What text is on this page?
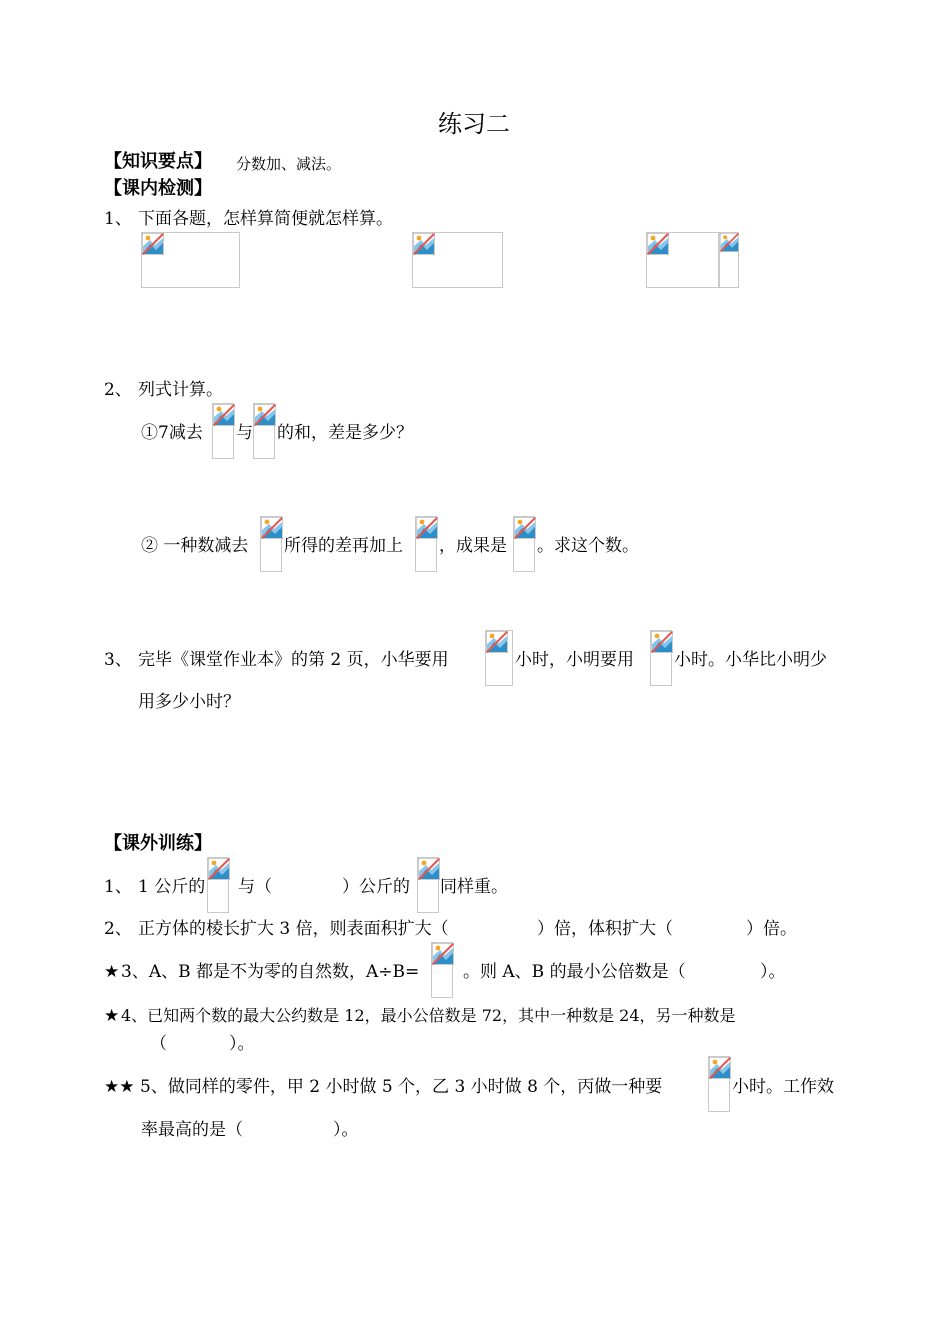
练习二
【知识要点】 分数加、减法。
【课内检测】
1、 下面各题，怎样算简便就怎样算。
2、 列式计算。
①7减去 与 的和，差是多少？
② 一种数减去 所得的差再加上 ，成果是 。求这个数。
3、 完毕《课堂作业本》的第 2 页，小华要用	小时，小明要用 小时。小华比小明少
用多少小时？
【课外训练】
1、 1 公斤的 与（	）公斤的 同样重。
2、 正方体的棱长扩大 3 倍，则表面积扩大（	）倍，体积扩大（	）倍。
★ 3、A、B 都是不为零的自然数，A÷B=	。则 A、B 的最小公倍数是（	）。
★ 4、已知两个数的最大公约数是 12，最小公倍数是 72，其中一种数是 24，另一种数是
（	）。
★★ 5、做同样的零件，甲 2 小时做 5 个，乙 3 小时做 8 个，丙做一种要	小时。工作效
率最高的是（	）。
